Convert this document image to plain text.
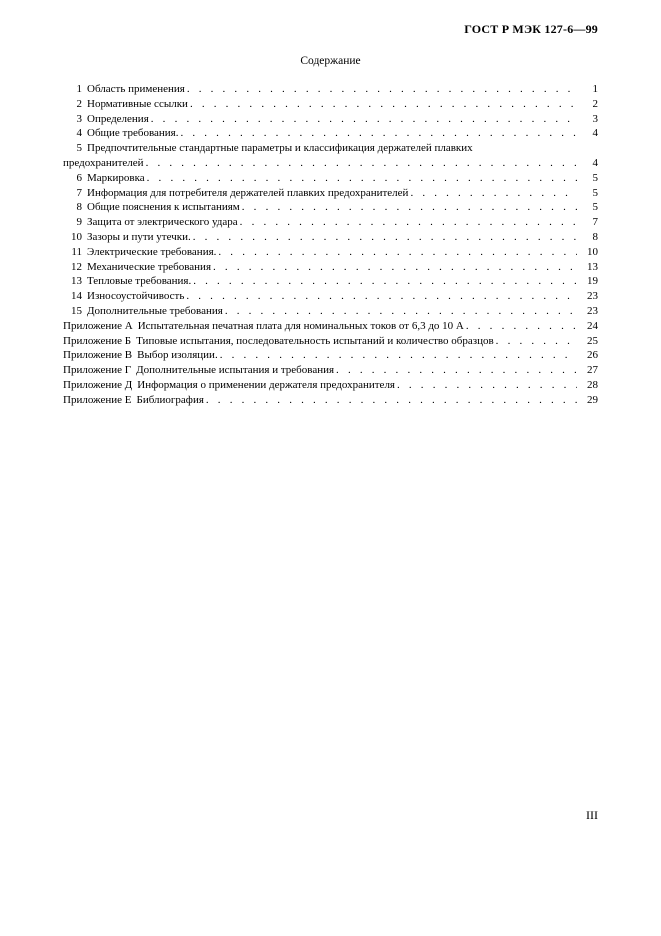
ГОСТ Р МЭК 127-6—99
Содержание
1 Область применения . . .	1
2 Нормативные ссылки . . .	2
3 Определения . . .	3
4 Общие требования. . . .	4
5 Предпочтительные стандартные параметры и классификация держателей плавких
предохранителей . . .	4
6 Маркировка . . .	5
7 Информация для потребителя держателей плавких предохранителей . . .	5
8 Общие пояснения к испытаниям . . .	5
9 Защита от электрического удара . . .	7
10 Зазоры и пути утечки. . . .	8
11 Электрические требования. . . .	10
12 Механические требования . . .	13
13 Тепловые требования. . . .	19
14 Износоустойчивость . . .	23
15 Дополнительные требования . . .	23
Приложение А Испытательная печатная плата для номинальных токов от 6,3 до 10 А . . .	24
Приложение Б Типовые испытания, последовательность испытаний и количество образцов . . .	25
Приложение В Выбор изоляции. . . .	26
Приложение Г Дополнительные испытания и требования . . .	27
Приложение Д Информация о применении держателя предохранителя . . .	28
Приложение Е Библиография . . .	29
III
